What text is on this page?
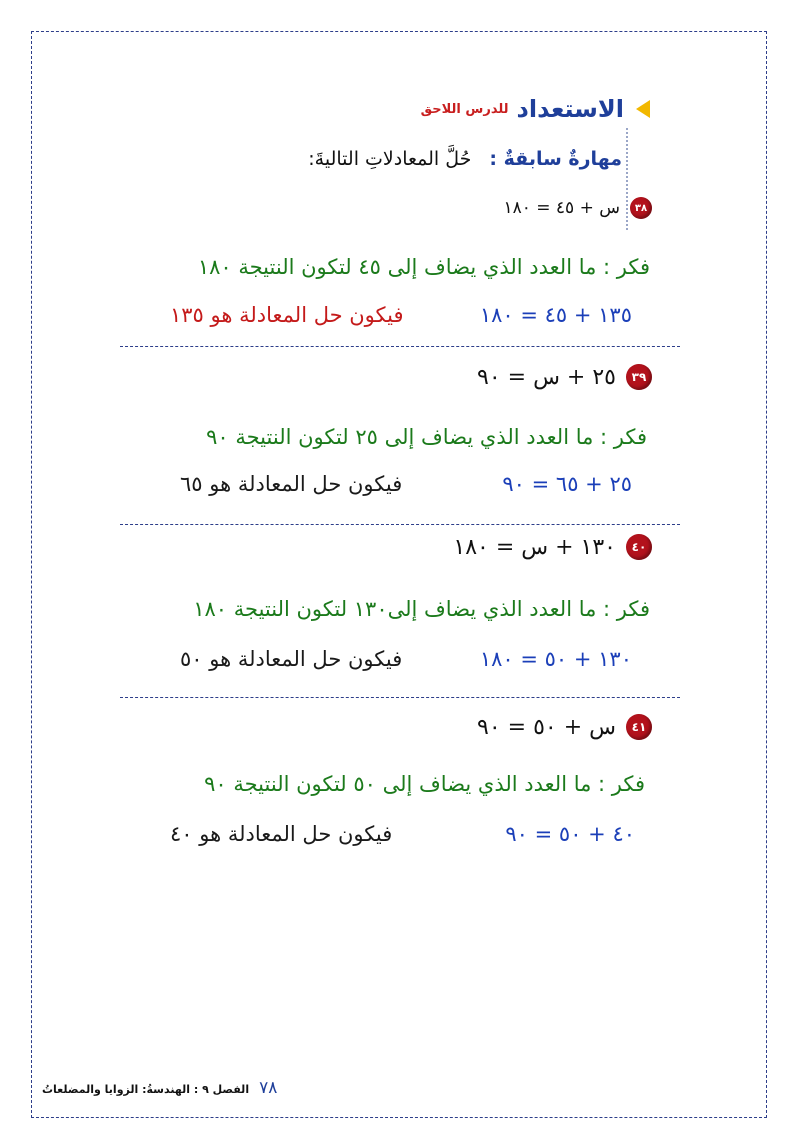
الاستعداد
للدرس اللاحق
مهارةٌ سابقةٌ : حُلَّ المعادلاتِ التاليةَ:
٣٨
س + ٤٥ = ١٨٠
فكر : ما العدد الذي يضاف إلى ٤٥ لتكون النتيجة ١٨٠
١٣٥ + ٤٥ = ١٨٠
فيكون حل المعادلة هو ١٣٥
٣٩
٢٥ + س = ٩٠
فكر : ما العدد الذي يضاف إلى ٢٥ لتكون النتيجة ٩٠
٢٥ + ٦٥ = ٩٠
فيكون حل المعادلة هو ٦٥
٤٠
١٣٠ + س = ١٨٠
فكر : ما العدد الذي يضاف إلى١٣٠ لتكون النتيجة ١٨٠
١٣٠ + ٥٠ = ١٨٠
فيكون حل المعادلة هو ٥٠
٤١
س + ٥٠ = ٩٠
فكر : ما العدد الذي يضاف إلى ٥٠ لتكون النتيجة ٩٠
٤٠ + ٥٠ = ٩٠
فيكون حل المعادلة هو ٤٠
٧٨
الفصل ٩ : الهندسةُ: الزوايا والمضلعاتُ
